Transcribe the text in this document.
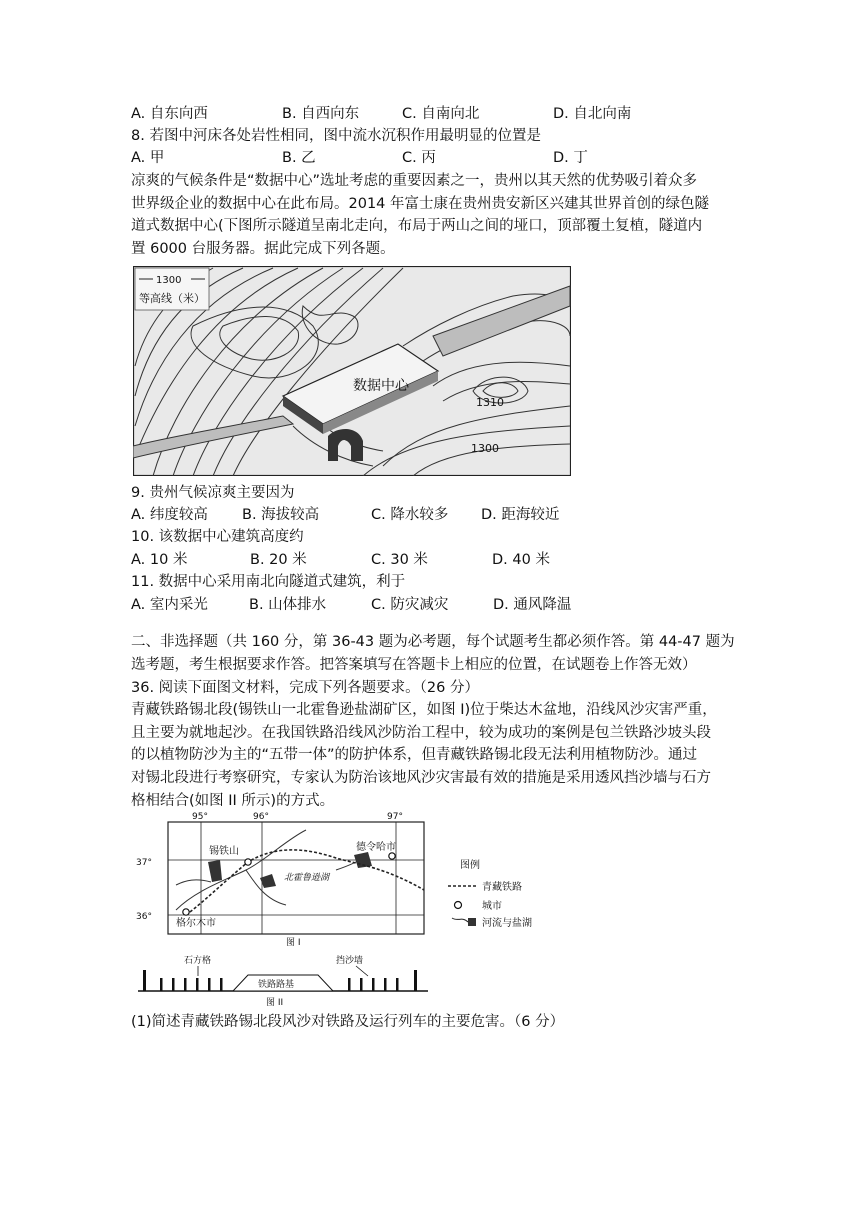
A. 自东向西	B. 自西向东	C. 自南向北	D. 自北向南
8. 若图中河床各处岩性相同，图中流水沉积作用最明显的位置是
A. 甲	B. 乙	C. 丙	D. 丁
凉爽的气候条件是“数据中心”选址考虑的重要因素之一，贵州以其天然的优势吸引着众多
世界级企业的数据中心在此布局。2014 年富士康在贵州贵安新区兴建其世界首创的绿色隧
道式数据中心(下图所示隧道呈南北走向，布局于两山之间的垭口，顶部覆土复植，隧道内
置 6000 台服务器。据此完成下列各题。
1300
等高线（米）
数据中心
1310
1300
9. 贵州气候凉爽主要因为
A. 纬度较高 B. 海拔较高	C. 降水较多 D. 距海较近
10. 该数据中心建筑高度约
A. 10 米	B. 20 米	C. 30 米	D. 40 米
11. 数据中心采用南北向隧道式建筑，利于
A. 室内采光	B. 山体排水	C. 防灾减灾	D. 通风降温
二、非选择题（共 160 分，第 36-43 题为必考题，每个试题考生都必须作答。第 44-47 题为
选考题，考生根据要求作答。把答案填写在答题卡上相应的位置，在试题卷上作答无效）
36. 阅读下面图文材料，完成下列各题要求。（26 分）
青藏铁路锡北段(锡铁山一北霍鲁逊盐湖矿区，如图 I)位于柴达木盆地，沿线风沙灾害严重，
且主要为就地起沙。在我国铁路沿线风沙防治工程中，较为成功的案例是包兰铁路沙坡头段
的以植物防沙为主的“五带一体”的防护体系，但青藏铁路锡北段无法利用植物防沙。通过
对锡北段进行考察研究，专家认为防治该地风沙灾害最有效的措施是采用透风挡沙墙与石方
格相结合(如图 II 所示)的方式。
95°	96°	97°
37°
36°
锡铁山	德令哈市
格尔木市
北霍鲁逊湖
图 I
图例
青藏铁路
城市
河流与盐湖
石方格	挡沙墙
铁路路基
图 II
(1)简述青藏铁路锡北段风沙对铁路及运行列车的主要危害。（6 分）
